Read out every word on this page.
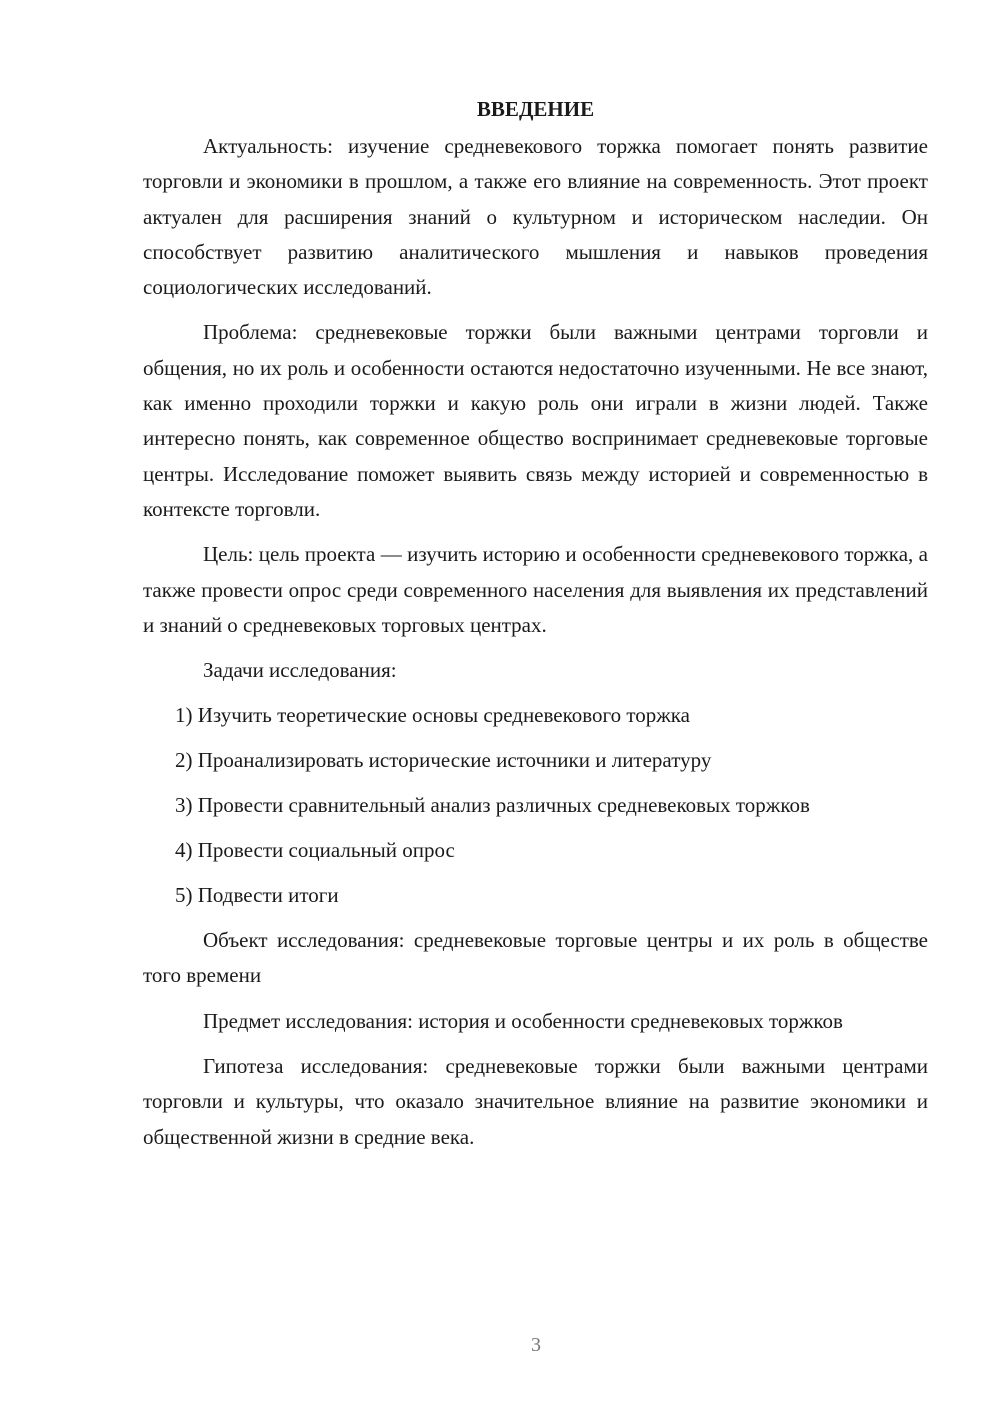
ВВЕДЕНИЕ

Актуальность: изучение средневекового торжка помогает понять развитие торговли и экономики в прошлом, а также его влияние на современность. Этот проект актуален для расширения знаний о культурном и историческом наследии. Он способствует развитию аналитического мышления и навыков проведения социологических исследований.

Проблема: средневековые торжки были важными центрами торговли и общения, но их роль и особенности остаются недостаточно изученными. Не все знают, как именно проходили торжки и какую роль они играли в жизни людей. Также интересно понять, как современное общество воспринимает средневековые торговые центры. Исследование поможет выявить связь между историей и современностью в контексте торговли.

Цель: цель проекта — изучить историю и особенности средневекового торжка, а также провести опрос среди современного населения для выявления их представлений и знаний о средневековых торговых центрах.

Задачи исследования:

1) Изучить теоретические основы средневекового торжка

2) Проанализировать исторические источники и литературу

3) Провести сравнительный анализ различных средневековых торжков

4) Провести социальный опрос

5) Подвести итоги

Объект исследования: средневековые торговые центры и их роль в обществе того времени

Предмет исследования: история и особенности средневековых торжков

Гипотеза исследования: средневековые торжки были важными центрами торговли и культуры, что оказало значительное влияние на развитие экономики и общественной жизни в средние века.

3
